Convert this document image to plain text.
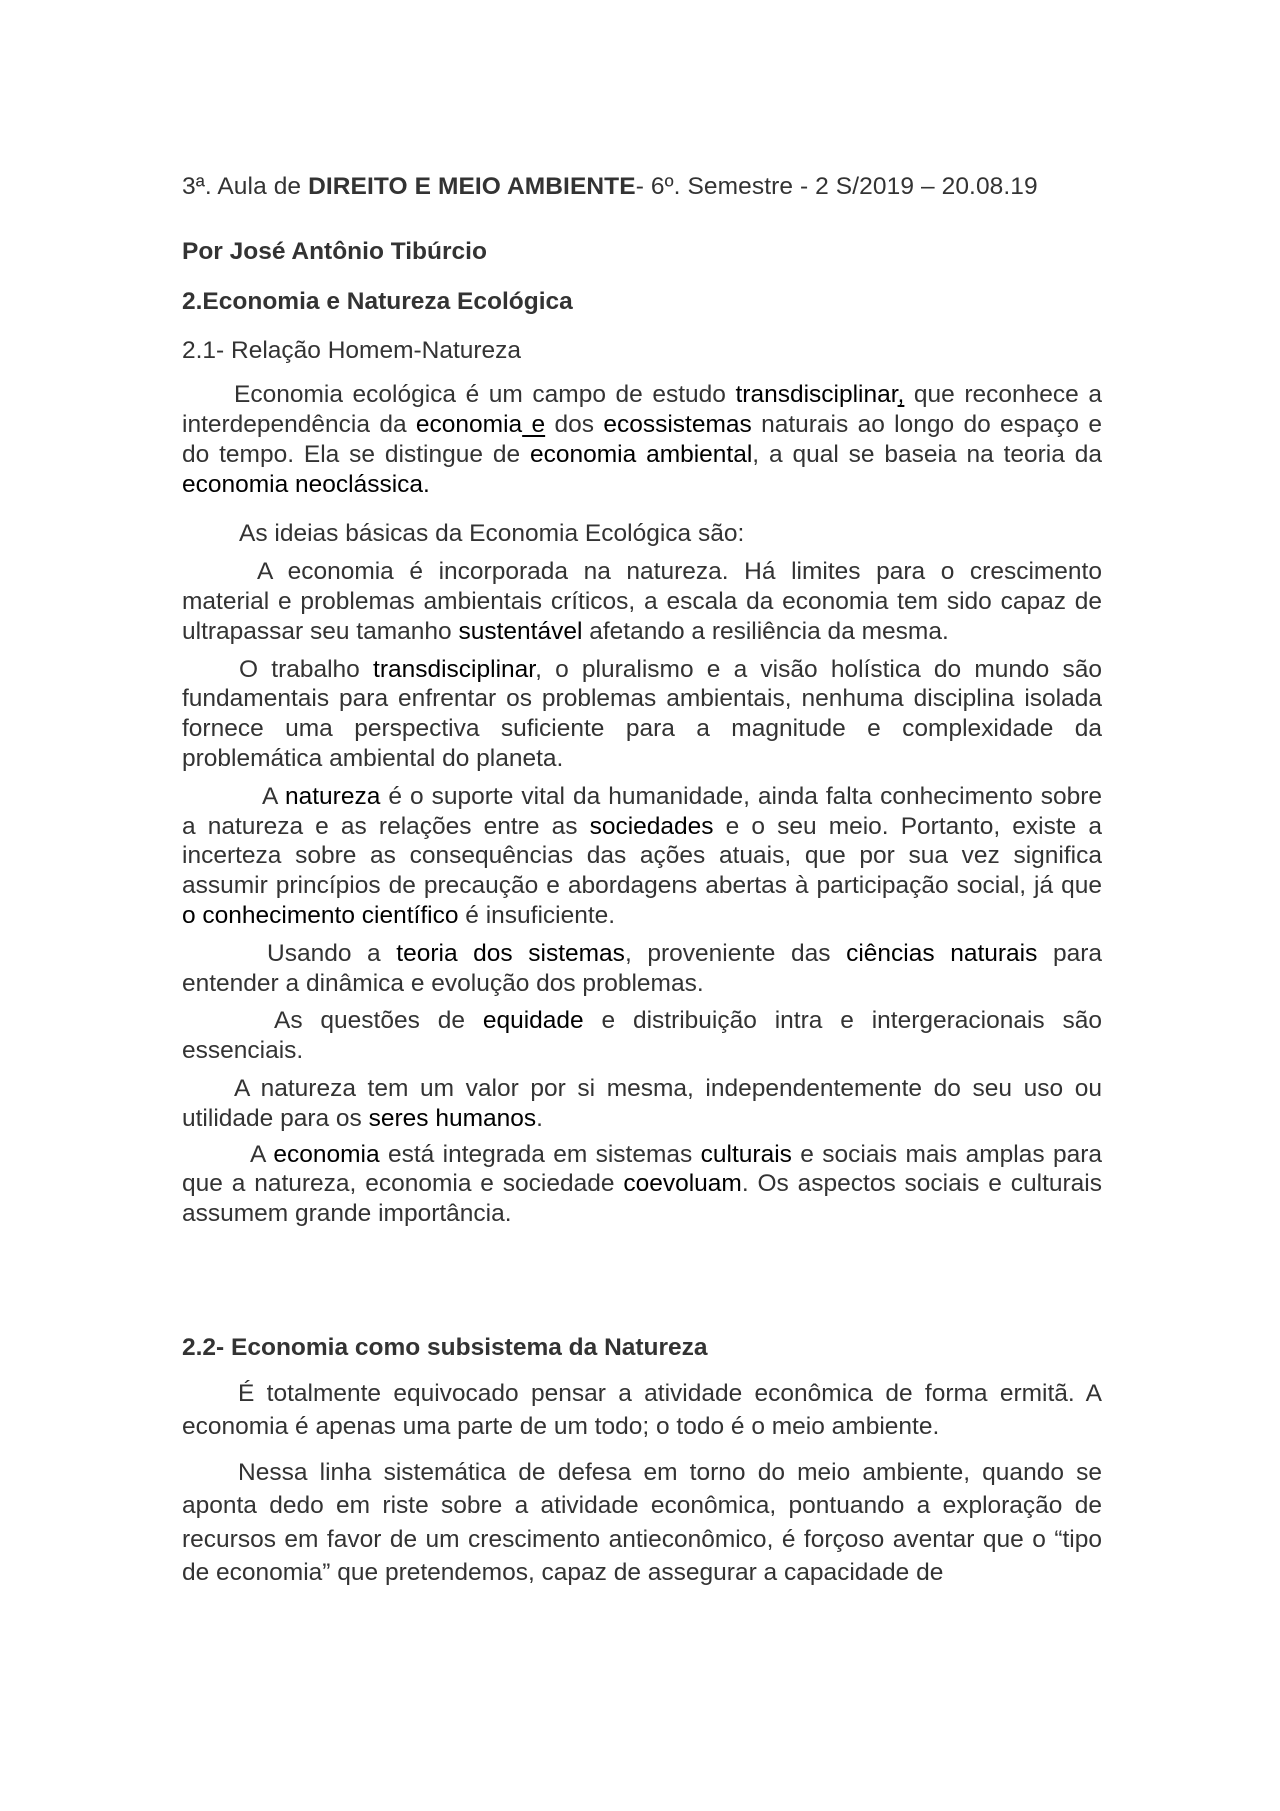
3ª. Aula de DIREITO E MEIO AMBIENTE- 6º. Semestre - 2 S/2019 – 20.08.19

Por José Antônio Tibúrcio

2.Economia e Natureza Ecológica

2.1- Relação Homem-Natureza

Economia ecológica é um campo de estudo transdisciplinar, que reconhece a interdependência da economia e dos ecossistemas naturais ao longo do espaço e do tempo. Ela se distingue de economia ambiental, a qual se baseia na teoria da economia neoclássica.

As ideias básicas da Economia Ecológica são:

A economia é incorporada na natureza. Há limites para o crescimento material e problemas ambientais críticos, a escala da economia tem sido capaz de ultrapassar seu tamanho sustentável afetando a resiliência da mesma.

O trabalho transdisciplinar, o pluralismo e a visão holística do mundo são fundamentais para enfrentar os problemas ambientais, nenhuma disciplina isolada fornece uma perspectiva suficiente para a magnitude e complexidade da problemática ambiental do planeta.

A natureza é o suporte vital da humanidade, ainda falta conhecimento sobre a natureza e as relações entre as sociedades e o seu meio. Portanto, existe a incerteza sobre as consequências das ações atuais, que por sua vez significa assumir princípios de precaução e abordagens abertas à participação social, já que o conhecimento científico é insuficiente.

Usando a teoria dos sistemas, proveniente das ciências naturais para entender a dinâmica e evolução dos problemas.

As questões de equidade e distribuição intra e intergeracionais são essenciais.

A natureza tem um valor por si mesma, independentemente do seu uso ou utilidade para os seres humanos.

A economia está integrada em sistemas culturais e sociais mais amplas para que a natureza, economia e sociedade coevoluam. Os aspectos sociais e culturais assumem grande importância.

2.2- Economia como subsistema da Natureza

É totalmente equivocado pensar a atividade econômica de forma ermitã. A economia é apenas uma parte de um todo; o todo é o meio ambiente.

Nessa linha sistemática de defesa em torno do meio ambiente, quando se aponta dedo em riste sobre a atividade econômica, pontuando a exploração de recursos em favor de um crescimento antieconômico, é forçoso aventar que o “tipo de economia” que pretendemos, capaz de assegurar a capacidade de
